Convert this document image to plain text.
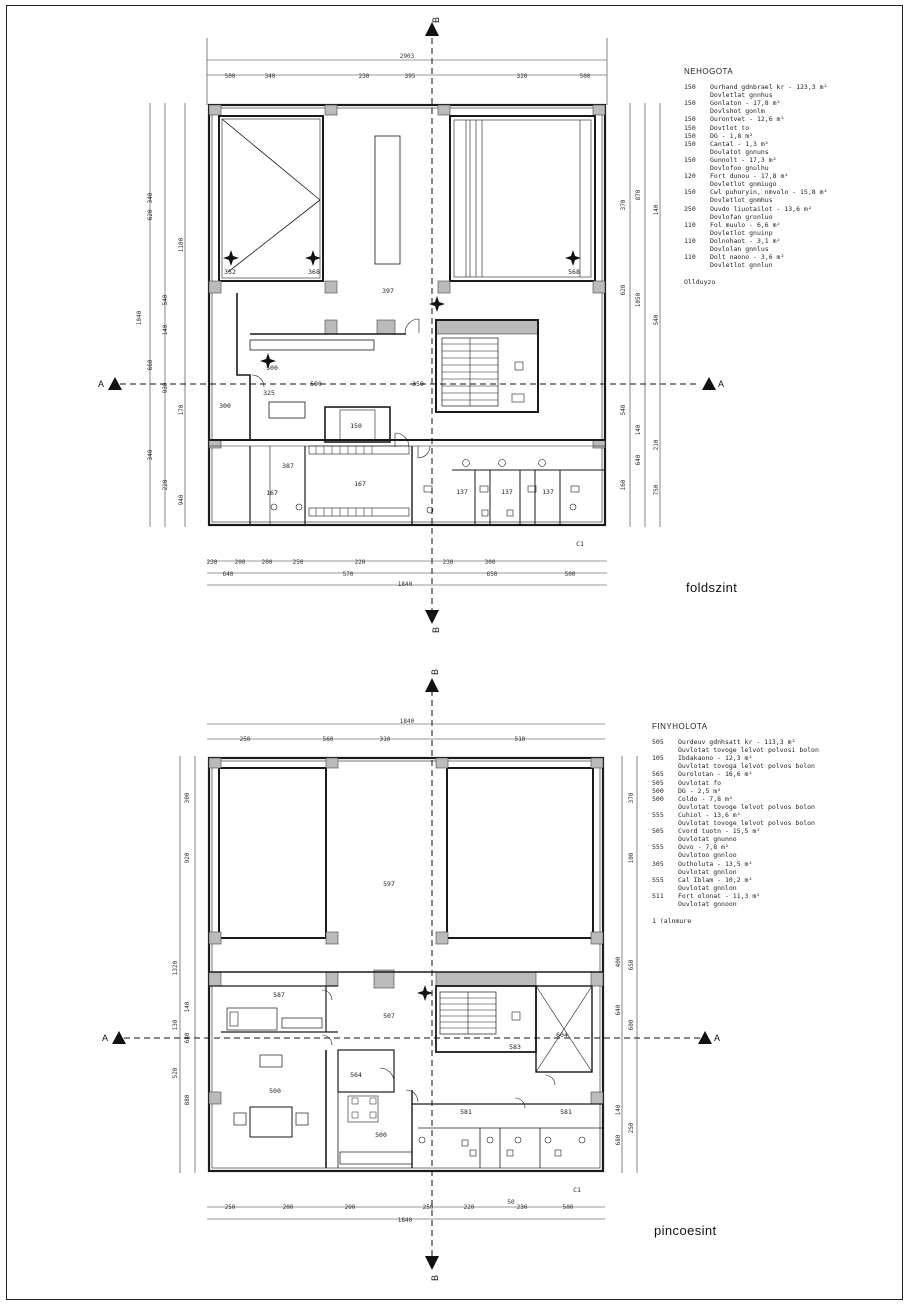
397
590	350
387
167
167
137	137	137
352	368	568
150
500
325
300
2903
500	340	230	395	320	500
230	200	200	250	220	230	300
640	570	650	500
1840
340
620
1100
1040
540
140
660
930
170
340
220
940
370
870
140
620
1050
540
540
140
210
640
160	750
597
507
587
583
604
500
564
500
581	581
1840
250	560	310	510
250	200	200	250	220	230	500
1840
50
300
920
1320
140
130
680
520
880
370
100
400 650
640
600
140
250
680
A	A
B
B
A	A
B
B
C1
C1
NEHOGOTA
150	Ourhand gdnbrael kr - 123,3 m²
Dovletlat gnnhus
150	Gonlaton - 17,8 m²
Dovlshot gonlm
150	Ourontvet - 12,6 m²
150	Dovtlot to
150	DG - 1,8 m²
150	Cantal - 1,3 m²
Doulatot gnnuns
150	Gunnolt - 17,3 m²
Dovlofoo gnulhu
120	Fort dunou - 17,8 m²
Dovletlot gnmiugo
150	Cwl puhuryin, nmvolo - 15,8 m²
Dovletlot gnmhus
250	Ouvdo liuotailot - 13,6 m²
Dovlofan gronluo
110	Fol muulo - 6,6 m²
Dovletlot gnuinp
110	Dolnohaot - 3,1 m²
Dovlolan gnnlus
110	Dolt naono - 3,6 m²
Dovletlot gnnlun
Ollduyzo
FINYHOLOTA
505	Ourdeuv gdnhsatt kr - 113,3 m²
Ouvlotat tovoge lelvot polvosi bolon
105	Ibdakaono - 12,3 m²
Ouvlotat tovoga lelvot polvos bolon
565	Ourolotan - 16,6 m²
505	Ouvlotat fo
500	DG - 2,5 m²
500	Coldo - 7,8 m²
Ouvlotat tovoge lelvot polvos bolon
555	Cuhiol - 13,6 m²
Ouvlotat tovoge lelvot polvos bolon
505	Cvord tuotn - 15,5 m²
Ouvlotat gnunno
555	Ouvo - 7,8 m²
Ouvlotoo gnnloo
305	Outholuta - 13,5 m²
Ouvlotat gnnlon
555	Cal Iblam - 10,2 m²
Ouvlotat gnnlon
511	Fort olonat - 11,3 m²
Ouvlotat gnnoon
1 (alnmure
foldszint
pincoesint
